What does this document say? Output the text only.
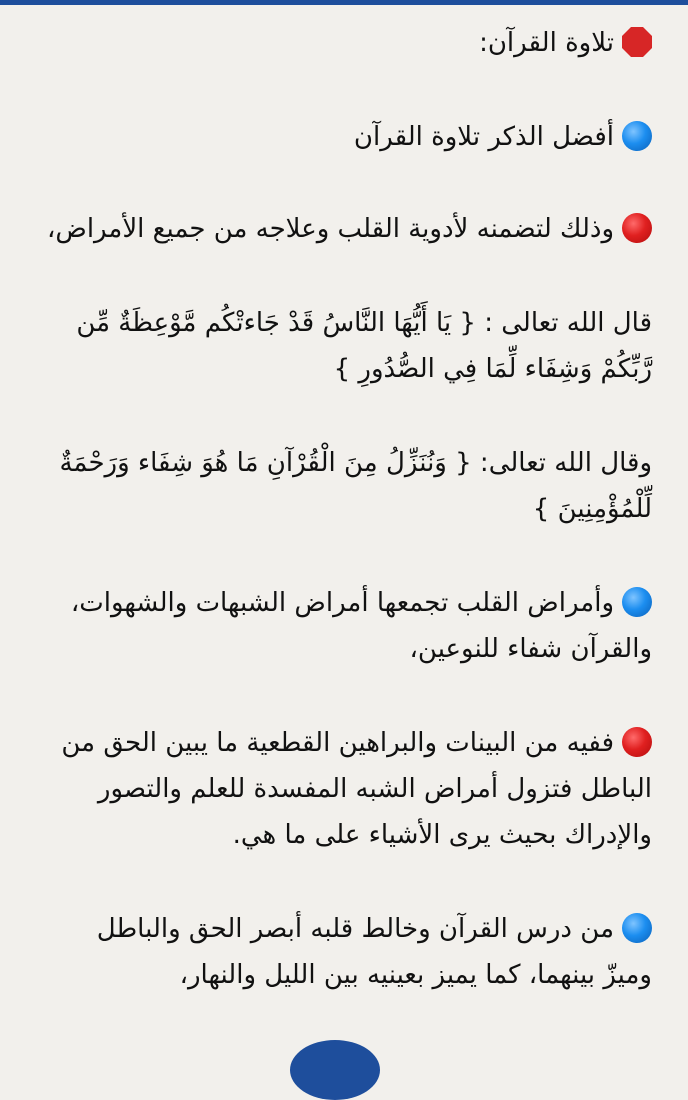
تلاوة القرآن:

أفضل الذكر تلاوة القرآن

وذلك لتضمنه لأدوية القلب وعلاجه من جميع الأمراض،

قال الله تعالى : { يَا أَيُّهَا النَّاسُ قَدْ جَاءتْكُم مَّوْعِظَةٌ مِّن رَّبِّكُمْ وَشِفَاء لِّمَا فِي الصُّدُورِ }

وقال الله تعالى: { وَنُنَزِّلُ مِنَ الْقُرْآنِ مَا هُوَ شِفَاء وَرَحْمَةٌ لِّلْمُؤْمِنِينَ }

وأمراض القلب تجمعها أمراض الشبهات والشهوات، والقرآن شفاء للنوعين،

ففيه من البينات والبراهين القطعية ما يبين الحق من الباطل فتزول أمراض الشبه المفسدة للعلم والتصور والإدراك بحيث يرى الأشياء على ما هي.

من درس القرآن وخالط قلبه أبصر الحق والباطل وميزّ بينهما، كما يميز بعينيه بين الليل والنهار،
